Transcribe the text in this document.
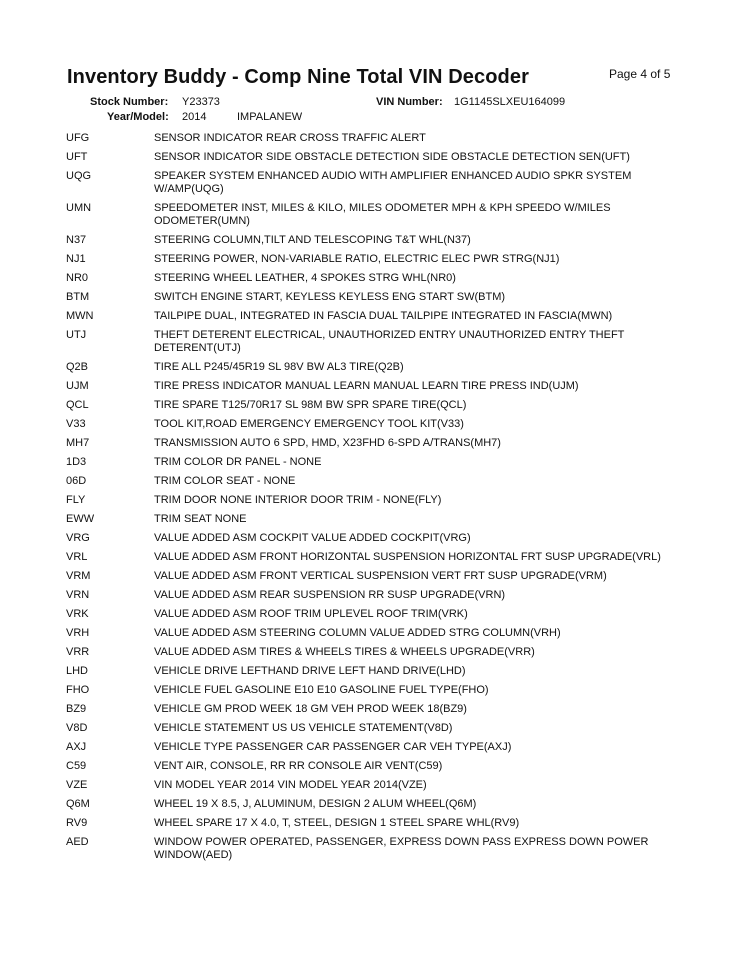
Inventory Buddy - Comp Nine Total VIN Decoder	Page 4 of 5
Stock Number: Y23373	VIN Number: 1G1145SLXEU164099
Year/Model: 2014	IMPALANEW
UFG	SENSOR INDICATOR REAR CROSS TRAFFIC ALERT
UFT	SENSOR INDICATOR SIDE OBSTACLE DETECTION SIDE OBSTACLE DETECTION SEN(UFT)
UQG	SPEAKER SYSTEM ENHANCED AUDIO WITH AMPLIFIER ENHANCED AUDIO SPKR SYSTEM W/AMP(UQG)
UMN	SPEEDOMETER INST, MILES & KILO, MILES ODOMETER MPH & KPH SPEEDO W/MILES ODOMETER(UMN)
N37	STEERING COLUMN,TILT AND TELESCOPING T&T WHL(N37)
NJ1	STEERING POWER, NON-VARIABLE RATIO, ELECTRIC ELEC PWR STRG(NJ1)
NR0	STEERING WHEEL LEATHER, 4 SPOKES STRG WHL(NR0)
BTM	SWITCH ENGINE START, KEYLESS KEYLESS ENG START SW(BTM)
MWN	TAILPIPE DUAL, INTEGRATED IN FASCIA DUAL TAILPIPE INTEGRATED IN FASCIA(MWN)
UTJ	THEFT DETERENT ELECTRICAL, UNAUTHORIZED ENTRY UNAUTHORIZED ENTRY THEFT DETERENT(UTJ)
Q2B	TIRE ALL P245/45R19 SL 98V BW AL3 TIRE(Q2B)
UJM	TIRE PRESS INDICATOR MANUAL LEARN MANUAL LEARN TIRE PRESS IND(UJM)
QCL	TIRE SPARE T125/70R17 SL 98M BW SPR SPARE TIRE(QCL)
V33	TOOL KIT,ROAD EMERGENCY EMERGENCY TOOL KIT(V33)
MH7	TRANSMISSION AUTO 6 SPD, HMD, X23FHD 6-SPD A/TRANS(MH7)
1D3	TRIM COLOR DR PANEL - NONE
06D	TRIM COLOR SEAT - NONE
FLY	TRIM DOOR NONE INTERIOR DOOR TRIM - NONE(FLY)
EWW	TRIM SEAT NONE
VRG	VALUE ADDED ASM COCKPIT VALUE ADDED COCKPIT(VRG)
VRL	VALUE ADDED ASM FRONT HORIZONTAL SUSPENSION HORIZONTAL FRT SUSP UPGRADE(VRL)
VRM	VALUE ADDED ASM FRONT VERTICAL SUSPENSION VERT FRT SUSP UPGRADE(VRM)
VRN	VALUE ADDED ASM REAR SUSPENSION RR SUSP UPGRADE(VRN)
VRK	VALUE ADDED ASM ROOF TRIM UPLEVEL ROOF TRIM(VRK)
VRH	VALUE ADDED ASM STEERING COLUMN VALUE ADDED STRG COLUMN(VRH)
VRR	VALUE ADDED ASM TIRES & WHEELS TIRES & WHEELS UPGRADE(VRR)
LHD	VEHICLE DRIVE LEFTHAND DRIVE LEFT HAND DRIVE(LHD)
FHO	VEHICLE FUEL GASOLINE E10 E10 GASOLINE FUEL TYPE(FHO)
BZ9	VEHICLE GM PROD WEEK 18 GM VEH PROD WEEK 18(BZ9)
V8D	VEHICLE STATEMENT US US VEHICLE STATEMENT(V8D)
AXJ	VEHICLE TYPE PASSENGER CAR PASSENGER CAR VEH TYPE(AXJ)
C59	VENT AIR, CONSOLE, RR RR CONSOLE AIR VENT(C59)
VZE	VIN MODEL YEAR 2014 VIN MODEL YEAR 2014(VZE)
Q6M	WHEEL 19 X 8.5, J, ALUMINUM, DESIGN 2 ALUM WHEEL(Q6M)
RV9	WHEEL SPARE 17 X 4.0, T, STEEL, DESIGN 1 STEEL SPARE WHL(RV9)
AED	WINDOW POWER OPERATED, PASSENGER, EXPRESS DOWN PASS EXPRESS DOWN POWER WINDOW(AED)
